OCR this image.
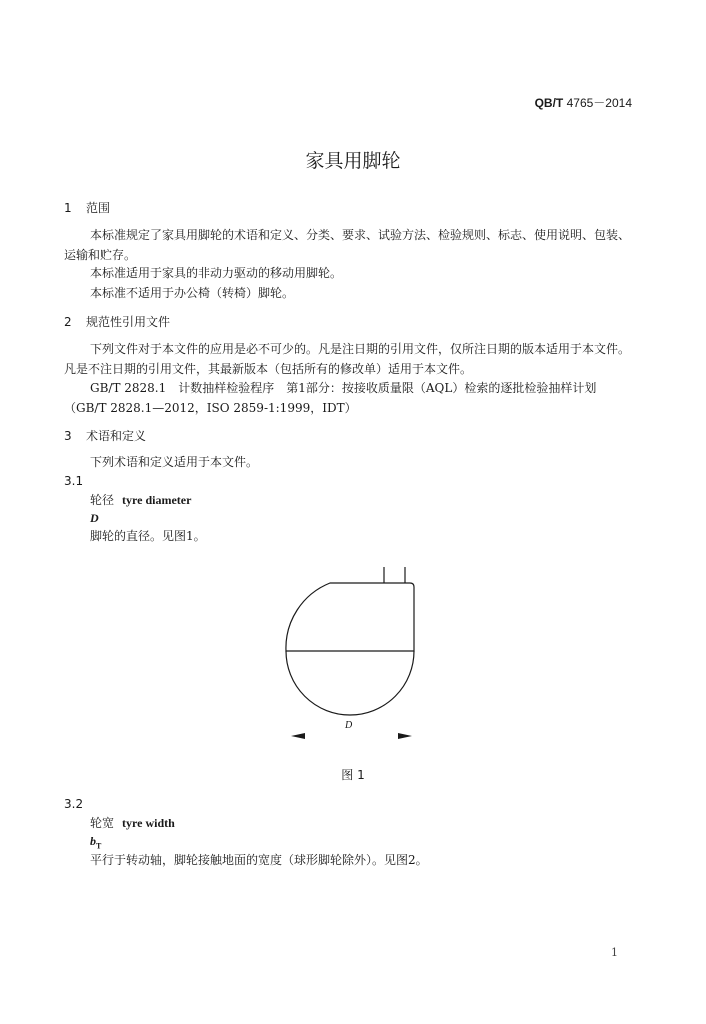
QB/T 4765－2014
家具用脚轮
1 范围
本标准规定了家具用脚轮的术语和定义、分类、要求、试验方法、检验规则、标志、使用说明、包装、运输和贮存。
本标准适用于家具的非动力驱动的移动用脚轮。
本标准不适用于办公椅（转椅）脚轮。
2 规范性引用文件
下列文件对于本文件的应用是必不可少的。凡是注日期的引用文件，仅所注日期的版本适用于本文件。凡是不注日期的引用文件，其最新版本（包括所有的修改单）适用于本文件。
GB/T 2828.1　计数抽样检验程序　第1部分：按接收质量限（AQL）检索的逐批检验抽样计划（GB/T 2828.1—2012，ISO 2859-1:1999，IDT）
3 术语和定义
下列术语和定义适用于本文件。
3.1
轮径 tyre diameter
D
脚轮的直径。见图1。
D
图 1
3.2
轮宽 tyre width
$b_T$
平行于转动轴，脚轮接触地面的宽度（球形脚轮除外）。见图2。
1
